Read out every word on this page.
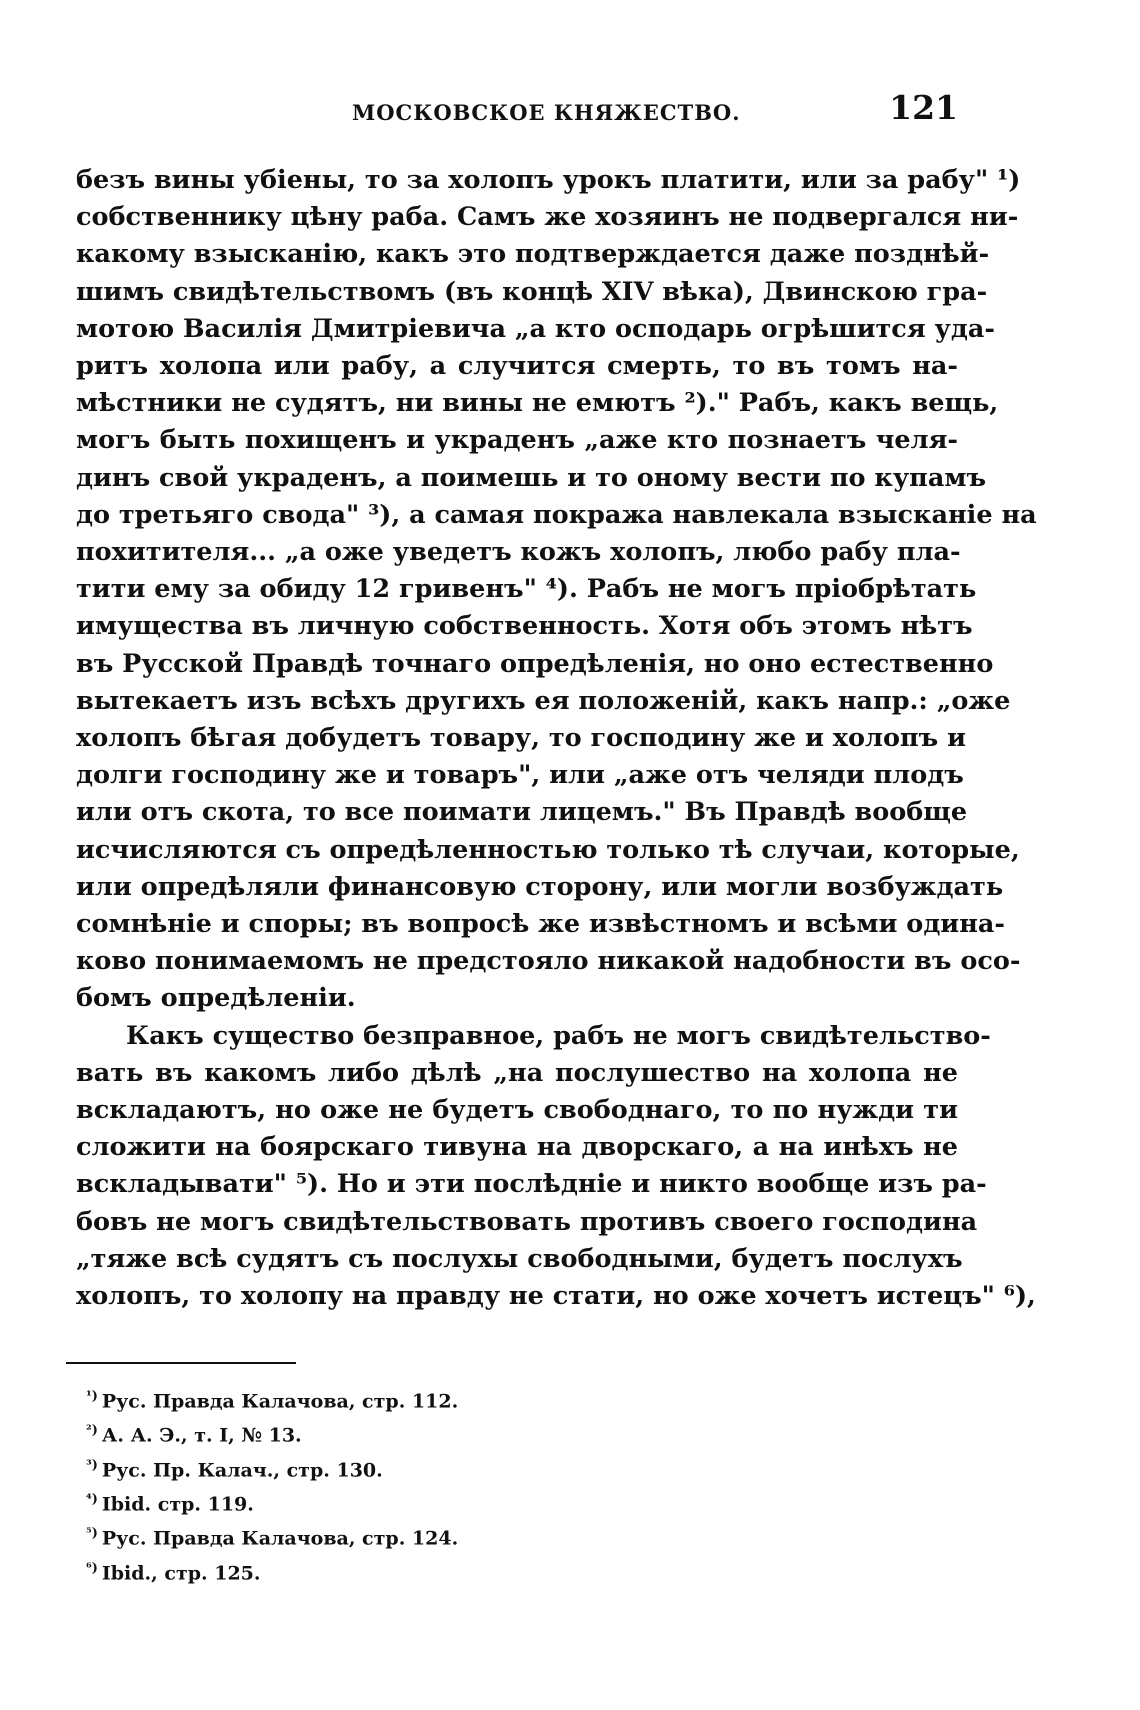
МОСКОВСКОЕ КНЯЖЕСТВО.	121
безъ вины убіены, то за холопъ урокъ платити, или за рабу" ¹)
собственнику цѣну раба. Самъ же хозяинъ не подвергался ни-
какому взысканію, какъ это подтверждается даже позднѣй-
шимъ свидѣтельствомъ (въ концѣ XIV вѣка), Двинскою гра-
мотою Василія Дмитріевича „а кто осподарь огрѣшится уда-
ритъ холопа или рабу, а случится смерть, то въ томъ на-
мѣстники не судятъ, ни вины не емютъ ²)." Рабъ, какъ вещь,
могъ быть похищенъ и украденъ „аже кто познаетъ челя-
динъ свой украденъ, а поимешь и то оному вести по купамъ
до третьяго свода" ³), а самая покража навлекала взысканіе на
похитителя... „а оже уведетъ кожъ холопъ, любо рабу пла-
тити ему за обиду 12 гривенъ" ⁴). Рабъ не могъ пріобрѣтать
имущества въ личную собственность. Хотя объ этомъ нѣтъ
въ Русской Правдѣ точнаго опредѣленія, но оно естественно
вытекаетъ изъ всѣхъ другихъ ея положеній, какъ напр.: „оже
холопъ бѣгая добудетъ товару, то господину же и холопъ и
долги господину же и товаръ", или „аже отъ челяди плодъ
или отъ скота, то все поимати лицемъ." Въ Правдѣ вообще
исчисляются съ опредѣленностью только тѣ случаи, которые,
или опредѣляли финансовую сторону, или могли возбуждать
сомнѣніе и споры; въ вопросѣ же извѣстномъ и всѣми одина-
ково понимаемомъ не предстояло никакой надобности въ осо-
бомъ опредѣленіи.
Какъ существо безправное, рабъ не могъ свидѣтельство-
вать въ какомъ либо дѣлѣ „на послушество на холопа не
вскладаютъ, но оже не будетъ свободнаго, то по нужди ти
сложити на боярскаго тивуна на дворскаго, а на инѣхъ не
вскладывати" ⁵). Но и эти послѣдніе и никто вообще изъ ра-
бовъ не могъ свидѣтельствовать противъ своего господина
„тяже всѣ судятъ съ послухы свободными, будетъ послухъ
холопъ, то холопу на правду не стати, но оже хочетъ истецъ" ⁶),
$^{^1)}$ Рус. Правда Калачова, стр. 112.
$^{^2)}$ А. А. Э., т. I, № 13.
$^{^3)}$ Рус. Пр. Калач., стр. 130.
$^{^4)}$ Ibid. стр. 119.
$^{^5)}$ Рус. Правда Калачова, стр. 124.
$^{^6)}$ Ibid., стр. 125.
